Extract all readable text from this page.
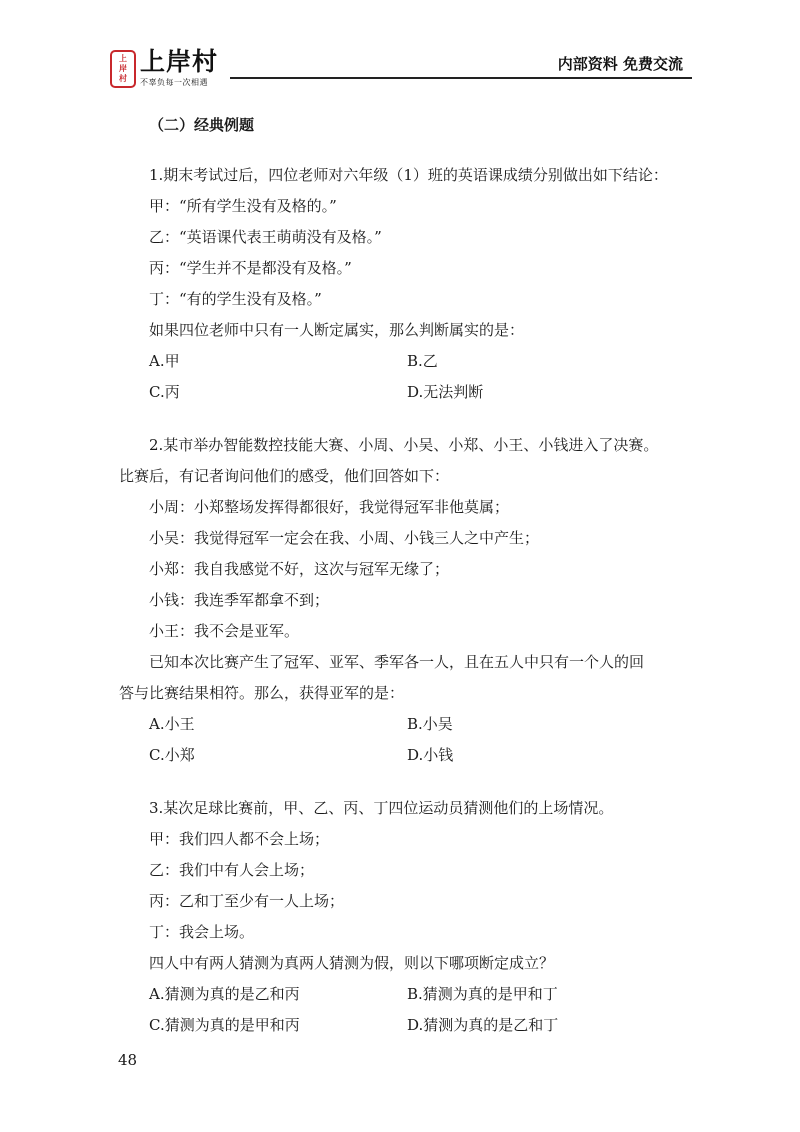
上
岸
村
上岸村
不辜负每一次相遇
内部资料 免费交流

（二）经典例题

1.期末考试过后，四位老师对六年级（1）班的英语课成绩分别做出如下结论：

甲：“所有学生没有及格的。”

乙：“英语课代表王萌萌没有及格。”

丙：“学生并不是都没有及格。”

丁：“有的学生没有及格。”

如果四位老师中只有一人断定属实，那么判断属实的是：

A.甲	B.乙
C.丙	D.无法判断
2.某市举办智能数控技能大赛、小周、小吴、小郑、小王、小钱进入了决赛。
比赛后，有记者询问他们的感受，他们回答如下：

小周：小郑整场发挥得都很好，我觉得冠军非他莫属；

小吴：我觉得冠军一定会在我、小周、小钱三人之中产生；

小郑：我自我感觉不好，这次与冠军无缘了；

小钱：我连季军都拿不到；

小王：我不会是亚军。

已知本次比赛产生了冠军、亚军、季军各一人，且在五人中只有一个人的回
答与比赛结果相符。那么，获得亚军的是：
A.小王	B.小吴
C.小郑	D.小钱

3.某次足球比赛前，甲、乙、丙、丁四位运动员猜测他们的上场情况。

甲：我们四人都不会上场；

乙：我们中有人会上场；

丙：乙和丁至少有一人上场；

丁：我会上场。

四人中有两人猜测为真两人猜测为假，则以下哪项断定成立？

A.猜测为真的是乙和丙	B.猜测为真的是甲和丁
C.猜测为真的是甲和丙	D.猜测为真的是乙和丁
48
